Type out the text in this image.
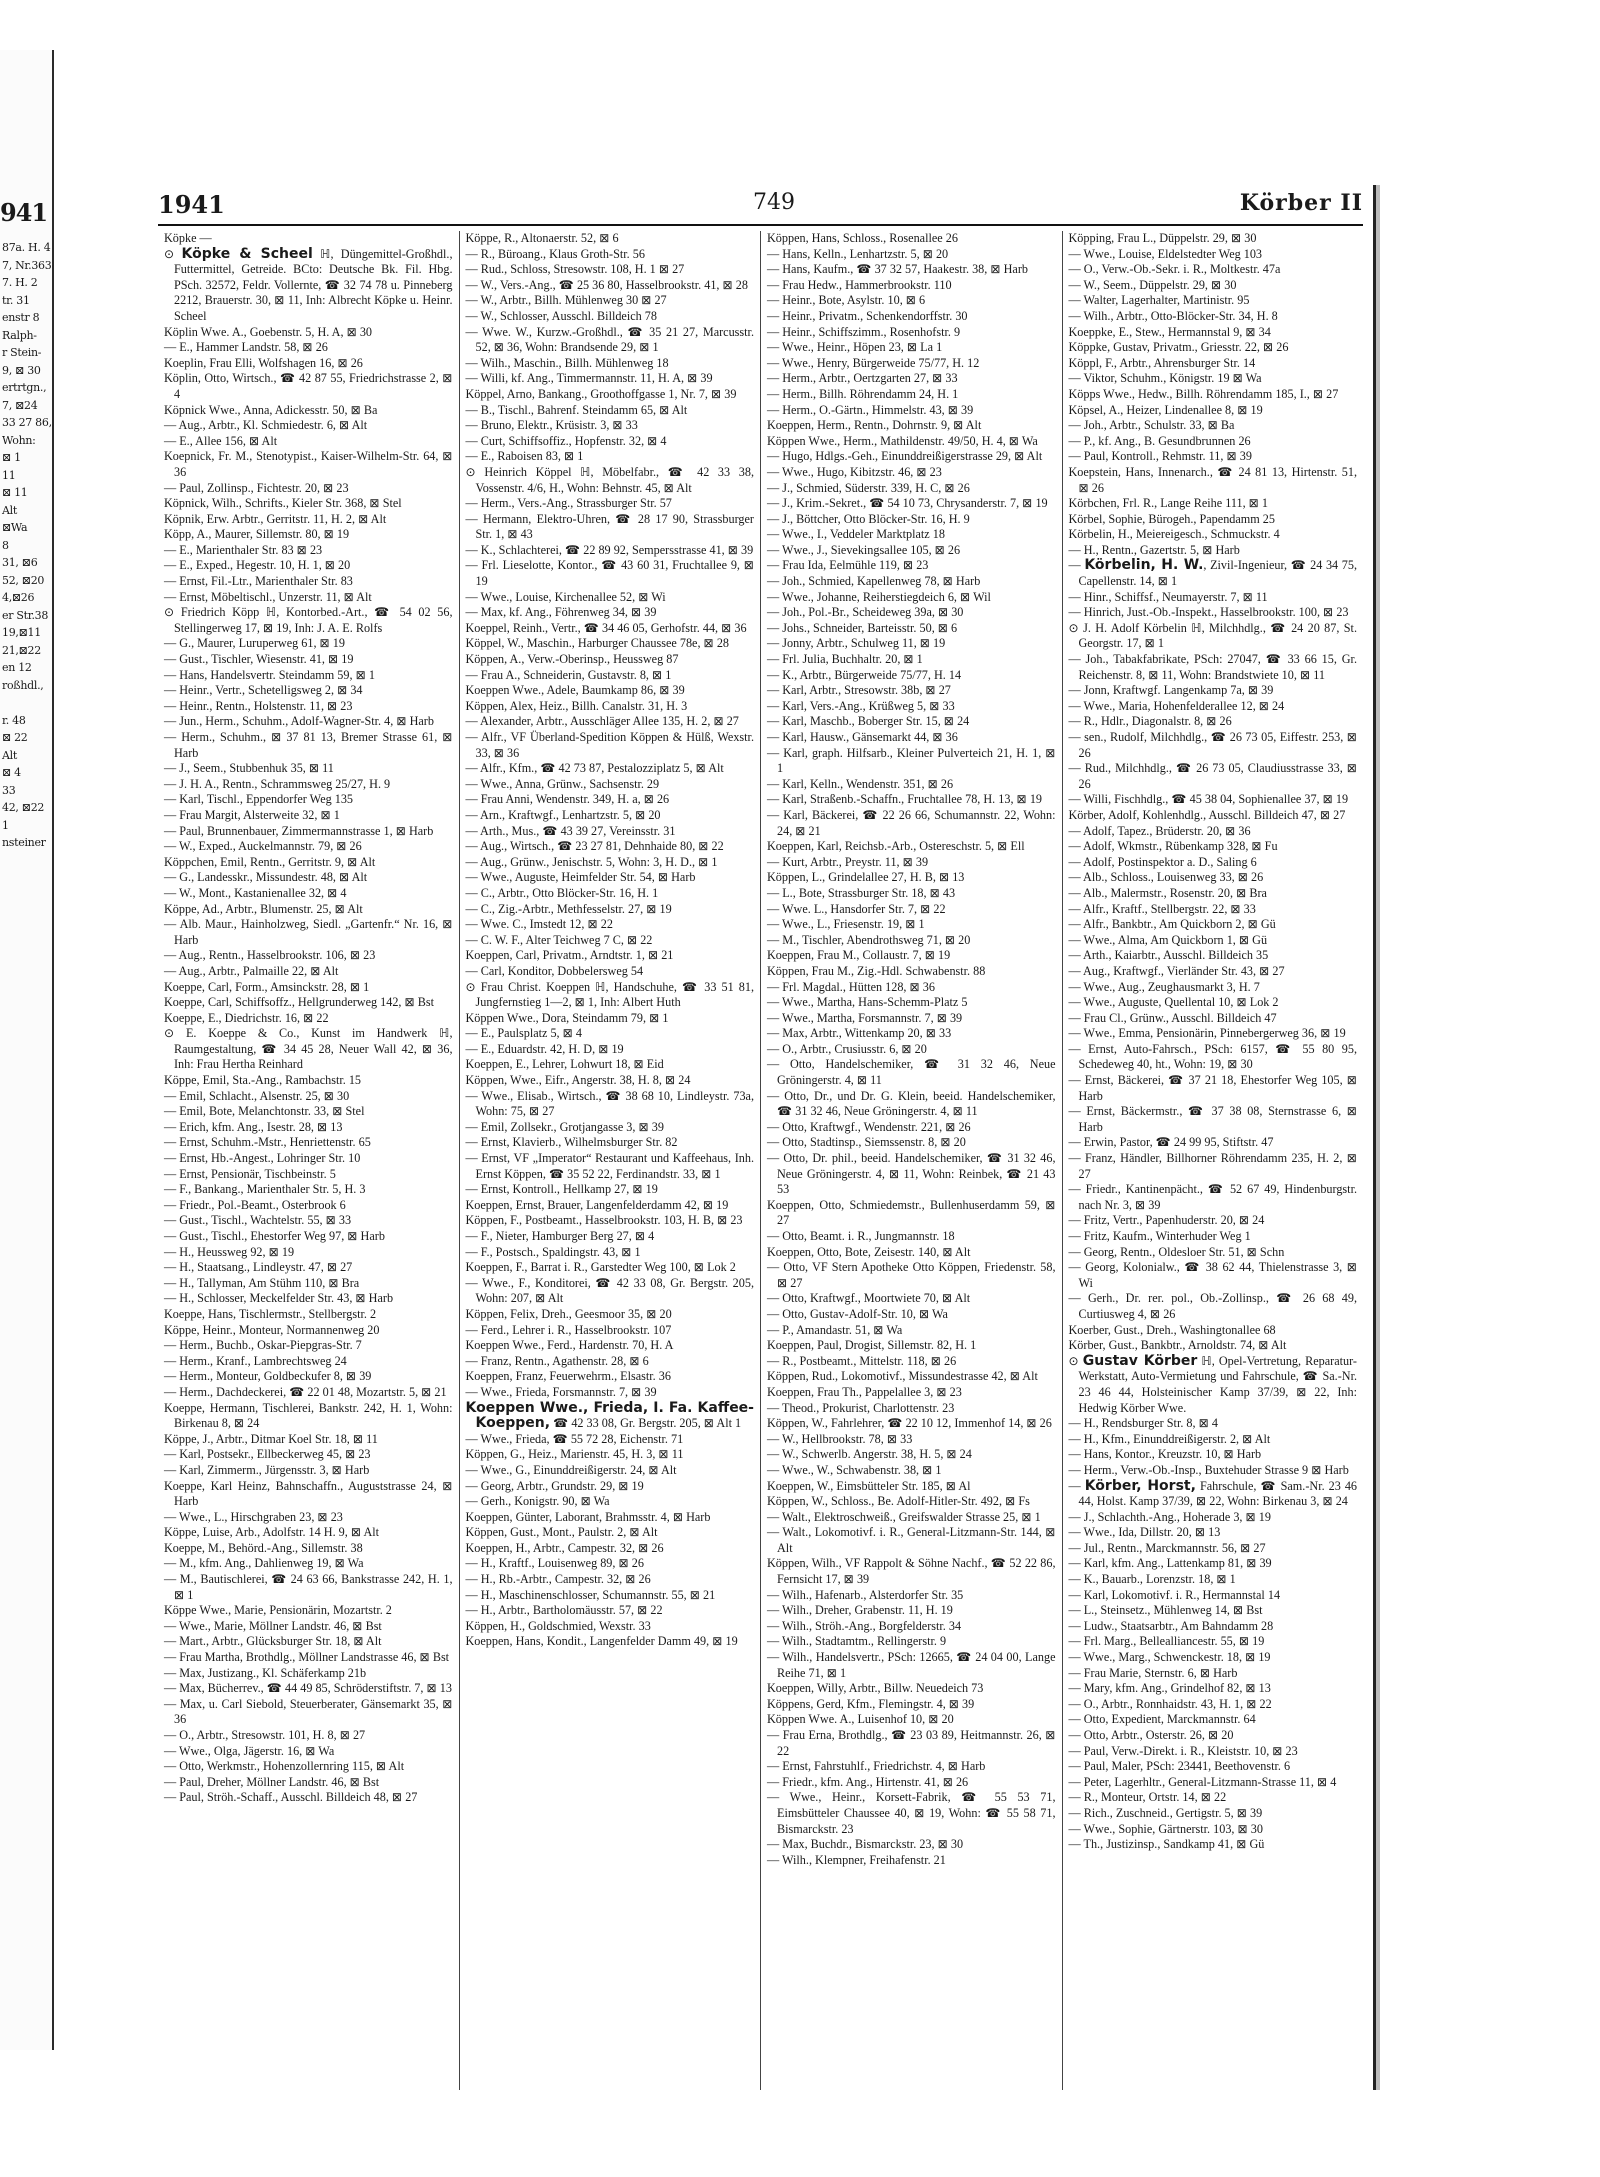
941
87a. H. 4
7, Nr.363
7. H. 2
tr. 31
enstr 8
Ralph-
r Stein-
9, ⊠ 30
ertrtgn.,
7, ⊠24
33 27 86,
Wohn:
⊠ 1
11
⊠ 11
Alt
⊠Wa
8
31, ⊠6
52, ⊠20
4,⊠26
er Str.38
19,⊠11
21,⊠22
en 12
roßhdl.,

r. 48
⊠ 22
Alt
⊠ 4
33
42, ⊠22
1
nsteiner
1941	749	Körber II

Köpke —

⊙ Köpke & Scheel ℍ, Düngemittel-Großhdl., Futtermittel, Getreide. BCto: Deutsche Bk. Fil. Hbg. PSch. 32572, Feldr. Vollernte, ☎ 32 74 78 u. Pinneberg 2212, Brauerstr. 30, ⊠ 11, Inh: Albrecht Köpke u. Heinr. Scheel

Köplin Wwe. A., Goebenstr. 5, H. A, ⊠ 30

— E., Hammer Landstr. 58, ⊠ 26

Koeplin, Frau Elli, Wolfshagen 16, ⊠ 26

Köplin, Otto, Wirtsch., ☎ 42 87 55, Friedrichstrasse 2, ⊠ 4

Köpnick Wwe., Anna, Adickesstr. 50, ⊠ Ba

— Aug., Arbtr., Kl. Schmiedestr. 6, ⊠ Alt

— E., Allee 156, ⊠ Alt

Koepnick, Fr. M., Stenotypist., Kaiser-Wilhelm-Str. 64, ⊠ 36

— Paul, Zollinsp., Fichtestr. 20, ⊠ 23

Köpnick, Wilh., Schrifts., Kieler Str. 368, ⊠ Stel

Köpnik, Erw. Arbtr., Gerritstr. 11, H. 2, ⊠ Alt

Köpp, A., Maurer, Sillemstr. 80, ⊠ 19

— E., Marienthaler Str. 83 ⊠ 23

— E., Exped., Hegestr. 10, H. 1, ⊠ 20

— Ernst, Fil.-Ltr., Marienthaler Str. 83

— Ernst, Möbeltischl., Unzerstr. 11, ⊠ Alt

⊙ Friedrich Köpp ℍ, Kontorbed.-Art., ☎ 54 02 56, Stellingerweg 17, ⊠ 19, Inh: J. A. E. Rolfs

— G., Maurer, Luruperweg 61, ⊠ 19

— Gust., Tischler, Wiesenstr. 41, ⊠ 19

— Hans, Handelsvertr. Steindamm 59, ⊠ 1

— Heinr., Vertr., Schetelligsweg 2, ⊠ 34

— Heinr., Rentn., Holstenstr. 11, ⊠ 23

— Jun., Herm., Schuhm., Adolf-Wagner-Str. 4, ⊠ Harb

— Herm., Schuhm., ⊠ 37 81 13, Bremer Strasse 61, ⊠ Harb

— J., Seem., Stubbenhuk 35, ⊠ 11

— J. H. A., Rentn., Schrammsweg 25/27, H. 9

— Karl, Tischl., Eppendorfer Weg 135

— Frau Margit, Alsterweite 32, ⊠ 1

— Paul, Brunnenbauer, Zimmermannstrasse 1, ⊠ Harb

— W., Exped., Auckelmannstr. 79, ⊠ 26

Köppchen, Emil, Rentn., Gerritstr. 9, ⊠ Alt

— G., Landesskr., Missundestr. 48, ⊠ Alt

— W., Mont., Kastanienallee 32, ⊠ 4

Köppe, Ad., Arbtr., Blumenstr. 25, ⊠ Alt

— Alb. Maur., Hainholzweg, Siedl. „Gartenfr.“ Nr. 16, ⊠ Harb

— Aug., Rentn., Hasselbrookstr. 106, ⊠ 23

— Aug., Arbtr., Palmaille 22, ⊠ Alt

Koeppe, Carl, Form., Amsinckstr. 28, ⊠ 1

Koeppe, Carl, Schiffsoffz., Hellgrunderweg 142, ⊠ Bst

Koeppe, E., Diedrichstr. 16, ⊠ 22

⊙ E. Koeppe & Co., Kunst im Handwerk ℍ, Raumgestaltung, ☎ 34 45 28, Neuer Wall 42, ⊠ 36, Inh: Frau Hertha Reinhard

Köppe, Emil, Sta.-Ang., Rambachstr. 15

— Emil, Schlacht., Alsenstr. 25, ⊠ 30

— Emil, Bote, Melanchtonstr. 33, ⊠ Stel

— Erich, kfm. Ang., Isestr. 28, ⊠ 13

— Ernst, Schuhm.-Mstr., Henriettenstr. 65

— Ernst, Hb.-Angest., Lohringer Str. 10

— Ernst, Pensionär, Tischbeinstr. 5

— F., Bankang., Marienthaler Str. 5, H. 3

— Friedr., Pol.-Beamt., Osterbrook 6

— Gust., Tischl., Wachtelstr. 55, ⊠ 33

— Gust., Tischl., Ehestorfer Weg 97, ⊠ Harb

— H., Heussweg 92, ⊠ 19

— H., Staatsang., Lindleystr. 47, ⊠ 27

— H., Tallyman, Am Stühm 110, ⊠ Bra

— H., Schlosser, Meckelfelder Str. 43, ⊠ Harb

Koeppe, Hans, Tischlermstr., Stellbergstr. 2

Köppe, Heinr., Monteur, Normannenweg 20

— Herm., Buchb., Oskar-Piepgras-Str. 7

— Herm., Kranf., Lambrechtsweg 24

— Herm., Monteur, Goldbeckufer 8, ⊠ 39

— Herm., Dachdeckerei, ☎ 22 01 48, Mozartstr. 5, ⊠ 21

Koeppe, Hermann, Tischlerei, Bankstr. 242, H. 1, Wohn: Birkenau 8, ⊠ 24

Köppe, J., Arbtr., Ditmar Koel Str. 18, ⊠ 11

— Karl, Postsekr., Ellbeckerweg 45, ⊠ 23

— Karl, Zimmerm., Jürgensstr. 3, ⊠ Harb

Koeppe, Karl Heinz, Bahnschaffn., Auguststrasse 24, ⊠ Harb

— Wwe., L., Hirschgraben 23, ⊠ 23

Köppe, Luise, Arb., Adolfstr. 14 H. 9, ⊠ Alt

Koeppe, M., Behörd.-Ang., Sillemstr. 38

— M., kfm. Ang., Dahlienweg 19, ⊠ Wa

— M., Bautischlerei, ☎ 24 63 66, Bankstrasse 242, H. 1, ⊠ 1

Köppe Wwe., Marie, Pensionärin, Mozartstr. 2

— Wwe., Marie, Möllner Landstr. 46, ⊠ Bst

— Mart., Arbtr., Glücksburger Str. 18, ⊠ Alt

— Frau Martha, Brothdlg., Möllner Landstrasse 46, ⊠ Bst

— Max, Justizang., Kl. Schäferkamp 21b

— Max, Bücherrev., ☎ 44 49 85, Schröderstiftstr. 7, ⊠ 13

— Max, u. Carl Siebold, Steuerberater, Gänsemarkt 35, ⊠ 36

— O., Arbtr., Stresowstr. 101, H. 8, ⊠ 27

— Wwe., Olga, Jägerstr. 16, ⊠ Wa

— Otto, Werkmstr., Hohenzollernring 115, ⊠ Alt

— Paul, Dreher, Möllner Landstr. 46, ⊠ Bst

— Paul, Ströh.-Schaff., Ausschl. Billdeich 48, ⊠ 27

Köppe, R., Altonaerstr. 52, ⊠ 6

— R., Büroang., Klaus Groth-Str. 56

— Rud., Schloss, Stresowstr. 108, H. 1 ⊠ 27

— W., Vers.-Ang., ☎ 25 36 80, Hasselbrookstr. 41, ⊠ 28

— W., Arbtr., Billh. Mühlenweg 30 ⊠ 27

— W., Schlosser, Ausschl. Billdeich 78

— Wwe. W., Kurzw.-Großhdl., ☎ 35 21 27, Marcusstr. 52, ⊠ 36, Wohn: Brandsende 29, ⊠ 1

— Wilh., Maschin., Billh. Mühlenweg 18

— Willi, kf. Ang., Timmermannstr. 11, H. A, ⊠ 39

Köppel, Arno, Bankang., Groothoffgasse 1, Nr. 7, ⊠ 39

— B., Tischl., Bahrenf. Steindamm 65, ⊠ Alt

— Bruno, Elektr., Krüsistr. 3, ⊠ 33

— Curt, Schiffsoffiz., Hopfenstr. 32, ⊠ 4

— E., Raboisen 83, ⊠ 1

⊙ Heinrich Köppel ℍ, Möbelfabr., ☎ 42 33 38, Vossenstr. 4/6, H., Wohn: Behnstr. 45, ⊠ Alt

— Herm., Vers.-Ang., Strassburger Str. 57

— Hermann, Elektro-Uhren, ☎ 28 17 90, Strassburger Str. 1, ⊠ 43

— K., Schlachterei, ☎ 22 89 92, Sempersstrasse 41, ⊠ 39

— Frl. Lieselotte, Kontor., ☎ 43 60 31, Fruchtallee 9, ⊠ 19

— Wwe., Louise, Kirchenallee 52, ⊠ Wi

— Max, kf. Ang., Föhrenweg 34, ⊠ 39

Koeppel, Reinh., Vertr., ☎ 34 46 05, Gerhofstr. 44, ⊠ 36

Köppel, W., Maschin., Harburger Chaussee 78e, ⊠ 28

Köppen, A., Verw.-Oberinsp., Heussweg 87

— Frau A., Schneiderin, Gustavstr. 8, ⊠ 1

Koeppen Wwe., Adele, Baumkamp 86, ⊠ 39

Köppen, Alex, Heiz., Billh. Canalstr. 31, H. 3

— Alexander, Arbtr., Ausschläger Allee 135, H. 2, ⊠ 27

— Alfr., VF Überland-Spedition Köppen & Hülß, Wexstr. 33, ⊠ 36

— Alfr., Kfm., ☎ 42 73 87, Pestalozziplatz 5, ⊠ Alt

— Wwe., Anna, Grünw., Sachsenstr. 29

— Frau Anni, Wendenstr. 349, H. a, ⊠ 26

— Arn., Kraftwgf., Lenhartzstr. 5, ⊠ 20

— Arth., Mus., ☎ 43 39 27, Vereinsstr. 31

— Aug., Wirtsch., ☎ 23 27 81, Dehnhaide 80, ⊠ 22

— Aug., Grünw., Jenischstr. 5, Wohn: 3, H. D., ⊠ 1

— Wwe., Auguste, Heimfelder Str. 54, ⊠ Harb

— C., Arbtr., Otto Blöcker-Str. 16, H. 1

— C., Zig.-Arbtr., Methfesselstr. 27, ⊠ 19

— Wwe. C., Imstedt 12, ⊠ 22

— C. W. F., Alter Teichweg 7 C, ⊠ 22

Koeppen, Carl, Privatm., Arndtstr. 1, ⊠ 21

— Carl, Konditor, Dobbelersweg 54

⊙ Frau Christ. Koeppen ℍ, Handschuhe, ☎ 33 51 81, Jungfernstieg 1—2, ⊠ 1, Inh: Albert Huth

Köppen Wwe., Dora, Steindamm 79, ⊠ 1

— E., Paulsplatz 5, ⊠ 4

— E., Eduardstr. 42, H. D, ⊠ 19

Koeppen, E., Lehrer, Lohwurt 18, ⊠ Eid

Köppen, Wwe., Eifr., Angerstr. 38, H. 8, ⊠ 24

— Wwe., Elisab., Wirtsch., ☎ 38 68 10, Lindleystr. 73a, Wohn: 75, ⊠ 27

— Emil, Zollsekr., Grotjangasse 3, ⊠ 39

— Ernst, Klavierb., Wilhelmsburger Str. 82

— Ernst, VF „Imperator“ Restaurant und Kaffeehaus, Inh. Ernst Köppen, ☎ 35 52 22, Ferdinandstr. 33, ⊠ 1

— Ernst, Kontroll., Hellkamp 27, ⊠ 19

Koeppen, Ernst, Brauer, Langenfelderdamm 42, ⊠ 19

Köppen, F., Postbeamt., Hasselbrookstr. 103, H. B, ⊠ 23

— F., Nieter, Hamburger Berg 27, ⊠ 4

— F., Postsch., Spaldingstr. 43, ⊠ 1

Koeppen, F., Barrat i. R., Garstedter Weg 100, ⊠ Lok 2

— Wwe., F., Konditorei, ☎ 42 33 08, Gr. Bergstr. 205, Wohn: 207, ⊠ Alt

Köppen, Felix, Dreh., Geesmoor 35, ⊠ 20

— Ferd., Lehrer i. R., Hasselbrookstr. 107

Koeppen Wwe., Ferd., Hardenstr. 70, H. A

— Franz, Rentn., Agathenstr. 28, ⊠ 6

Koeppen, Franz, Feuerwehrm., Elsastr. 36

— Wwe., Frieda, Forsmannstr. 7, ⊠ 39

Koeppen Wwe., Frieda, I. Fa. Kaffee-Koeppen, ☎ 42 33 08, Gr. Bergstr. 205, ⊠ Alt 1

— Wwe., Frieda, ☎ 55 72 28, Eichenstr. 71

Köppen, G., Heiz., Marienstr. 45, H. 3, ⊠ 11

— Wwe., G., Einunddreißigerstr. 24, ⊠ Alt

— Georg, Arbtr., Grundstr. 29, ⊠ 19

— Gerh., Konigstr. 90, ⊠ Wa

Koeppen, Günter, Laborant, Brahmsstr. 4, ⊠ Harb

Köppen, Gust., Mont., Paulstr. 2, ⊠ Alt

Koeppen, H., Arbtr., Campestr. 32, ⊠ 26

— H., Kraftf., Louisenweg 89, ⊠ 26

— H., Rb.-Arbtr., Campestr. 32, ⊠ 26

— H., Maschinenschlosser, Schumannstr. 55, ⊠ 21

— H., Arbtr., Bartholomäusstr. 57, ⊠ 22

Köppen, H., Goldschmied, Wexstr. 33

Koeppen, Hans, Kondit., Langenfelder Damm 49, ⊠ 19

Köppen, Hans, Schloss., Rosenallee 26

— Hans, Kelln., Lenhartzstr. 5, ⊠ 20

— Hans, Kaufm., ☎ 37 32 57, Haakestr. 38, ⊠ Harb

— Frau Hedw., Hammerbrookstr. 110

— Heinr., Bote, Asylstr. 10, ⊠ 6

— Heinr., Privatm., Schenkendorffstr. 30

— Heinr., Schiffszimm., Rosenhofstr. 9

— Wwe., Heinr., Höpen 23, ⊠ La 1

— Wwe., Henry, Bürgerweide 75/77, H. 12

— Herm., Arbtr., Oertzgarten 27, ⊠ 33

— Herm., Billh. Röhrendamm 24, H. 1

— Herm., O.-Gärtn., Himmelstr. 43, ⊠ 39

Koeppen, Herm., Rentn., Dohrnstr. 9, ⊠ Alt

Köppen Wwe., Herm., Mathildenstr. 49/50, H. 4, ⊠ Wa

— Hugo, Hdlgs.-Geh., Einunddreißigerstrasse 29, ⊠ Alt

— Wwe., Hugo, Kibitzstr. 46, ⊠ 23

— J., Schmied, Süderstr. 339, H. C, ⊠ 26

— J., Krim.-Sekret., ☎ 54 10 73, Chrysanderstr. 7, ⊠ 19

— J., Böttcher, Otto Blöcker-Str. 16, H. 9

— Wwe., I., Veddeler Marktplatz 18

— Wwe., J., Sievekingsallee 105, ⊠ 26

— Frau Ida, Eelmühle 119, ⊠ 23

— Joh., Schmied, Kapellenweg 78, ⊠ Harb

— Wwe., Johanne, Reiherstiegdeich 6, ⊠ Wil

— Joh., Pol.-Br., Scheideweg 39a, ⊠ 30

— Johs., Schneider, Barteisstr. 50, ⊠ 6

— Jonny, Arbtr., Schulweg 11, ⊠ 19

— Frl. Julia, Buchhaltr. 20, ⊠ 1

— K., Arbtr., Bürgerweide 75/77, H. 14

— Karl, Arbtr., Stresowstr. 38b, ⊠ 27

— Karl, Vers.-Ang., Krüßweg 5, ⊠ 33

— Karl, Maschb., Boberger Str. 15, ⊠ 24

— Karl, Hausw., Gänsemarkt 44, ⊠ 36

— Karl, graph. Hilfsarb., Kleiner Pulverteich 21, H. 1, ⊠ 1

— Karl, Kelln., Wendenstr. 351, ⊠ 26

— Karl, Straßenb.-Schaffn., Fruchtallee 78, H. 13, ⊠ 19

— Karl, Bäckerei, ☎ 22 26 66, Schumannstr. 22, Wohn: 24, ⊠ 21

Koeppen, Karl, Reichsb.-Arb., Ostereschstr. 5, ⊠ Ell

— Kurt, Arbtr., Preystr. 11, ⊠ 39

Köppen, L., Grindelallee 27, H. B, ⊠ 13

— L., Bote, Strassburger Str. 18, ⊠ 43

— Wwe. L., Hansdorfer Str. 7, ⊠ 22

— Wwe., L., Friesenstr. 19, ⊠ 1

— M., Tischler, Abendrothsweg 71, ⊠ 20

Koeppen, Frau M., Collaustr. 7, ⊠ 19

Köppen, Frau M., Zig.-Hdl. Schwabenstr. 88

— Frl. Magdal., Hütten 128, ⊠ 36

— Wwe., Martha, Hans-Schemm-Platz 5

— Wwe., Martha, Forsmannstr. 7, ⊠ 39

— Max, Arbtr., Wittenkamp 20, ⊠ 33

— O., Arbtr., Crusiusstr. 6, ⊠ 20

— Otto, Handelschemiker, ☎ 31 32 46, Neue Gröningerstr. 4, ⊠ 11

— Otto, Dr., und Dr. G. Klein, beeid. Handelschemiker, ☎ 31 32 46, Neue Gröningerstr. 4, ⊠ 11

— Otto, Kraftwgf., Wendenstr. 221, ⊠ 26

— Otto, Stadtinsp., Siemssenstr. 8, ⊠ 20

— Otto, Dr. phil., beeid. Handelschemiker, ☎ 31 32 46, Neue Gröningerstr. 4, ⊠ 11, Wohn: Reinbek, ☎ 21 43 53

Koeppen, Otto, Schmiedemstr., Bullenhuserdamm 59, ⊠ 27

— Otto, Beamt. i. R., Jungmannstr. 18

Koeppen, Otto, Bote, Zeisestr. 140, ⊠ Alt

— Otto, VF Stern Apotheke Otto Köppen, Friedenstr. 58, ⊠ 27

— Otto, Kraftwgf., Moortwiete 70, ⊠ Alt

— Otto, Gustav-Adolf-Str. 10, ⊠ Wa

— P., Amandastr. 51, ⊠ Wa

Koeppen, Paul, Drogist, Sillemstr. 82, H. 1

— R., Postbeamt., Mittelstr. 118, ⊠ 26

Köppen, Rud., Lokomotivf., Missundestrasse 42, ⊠ Alt

Koeppen, Frau Th., Pappelallee 3, ⊠ 23

— Theod., Prokurist, Charlottenstr. 23

Köppen, W., Fahrlehrer, ☎ 22 10 12, Immenhof 14, ⊠ 26

— W., Hellbrookstr. 78, ⊠ 33

— W., Schwerlb. Angerstr. 38, H. 5, ⊠ 24

— Wwe., W., Schwabenstr. 38, ⊠ 1

Koeppen, W., Eimsbütteler Str. 185, ⊠ Al

Köppen, W., Schloss., Be. Adolf-Hitler-Str. 492, ⊠ Fs

— Walt., Elektroschweiß., Greifswalder Strasse 25, ⊠ 1

— Walt., Lokomotivf. i. R., General-Litzmann-Str. 144, ⊠ Alt

Köppen, Wilh., VF Rappolt & Söhne Nachf., ☎ 52 22 86, Fernsicht 17, ⊠ 39

— Wilh., Hafenarb., Alsterdorfer Str. 35

— Wilh., Dreher, Grabenstr. 11, H. 19

— Wilh., Ströh.-Ang., Borgfelderstr. 34

— Wilh., Stadtamtm., Rellingerstr. 9

— Wilh., Handelsvertr., PSch: 12665, ☎ 24 04 00, Lange Reihe 71, ⊠ 1

Koeppen, Willy, Arbtr., Billw. Neuedeich 73

Köppens, Gerd, Kfm., Flemingstr. 4, ⊠ 39

Köppen Wwe. A., Luisenhof 10, ⊠ 20

— Frau Erna, Brothdlg., ☎ 23 03 89, Heitmannstr. 26, ⊠ 22

— Ernst, Fahrstuhlf., Friedrichstr. 4, ⊠ Harb

— Friedr., kfm. Ang., Hirtenstr. 41, ⊠ 26

— Wwe., Heinr., Korsett-Fabrik, ☎ 55 53 71, Eimsbütteler Chaussee 40, ⊠ 19, Wohn: ☎ 55 58 71, Bismarckstr. 23

— Max, Buchdr., Bismarckstr. 23, ⊠ 30

— Wilh., Klempner, Freihafenstr. 21

Köpping, Frau L., Düppelstr. 29, ⊠ 30

— Wwe., Louise, Eldelstedter Weg 103

— O., Verw.-Ob.-Sekr. i. R., Moltkestr. 47a

— W., Seem., Düppelstr. 29, ⊠ 30

— Walter, Lagerhalter, Martinistr. 95

— Wilh., Arbtr., Otto-Blöcker-Str. 34, H. 8

Koeppke, E., Stew., Hermannstal 9, ⊠ 34

Köppke, Gustav, Privatm., Griesstr. 22, ⊠ 26

Köppl, F., Arbtr., Ahrensburger Str. 14

— Viktor, Schuhm., Königstr. 19 ⊠ Wa

Köpps Wwe., Hedw., Billh. Röhrendamm 185, I., ⊠ 27

Köpsel, A., Heizer, Lindenallee 8, ⊠ 19

— Joh., Arbtr., Schulstr. 33, ⊠ Ba

— P., kf. Ang., B. Gesundbrunnen 26

— Paul, Kontroll., Rehmstr. 11, ⊠ 39

Koepstein, Hans, Innenarch., ☎ 24 81 13, Hirtenstr. 51, ⊠ 26

Körbchen, Frl. R., Lange Reihe 111, ⊠ 1

Körbel, Sophie, Bürogeh., Papendamm 25

Körbelin, H., Meiereigesch., Schmuckstr. 4

— H., Rentn., Gazertstr. 5, ⊠ Harb

— Körbelin, H. W., Zivil-Ingenieur, ☎ 24 34 75, Capellenstr. 14, ⊠ 1

— Hinr., Schiffsf., Neumayerstr. 7, ⊠ 11

— Hinrich, Just.-Ob.-Inspekt., Hasselbrookstr. 100, ⊠ 23

⊙ J. H. Adolf Körbelin ℍ, Milchhdlg., ☎ 24 20 87, St. Georgstr. 17, ⊠ 1

— Joh., Tabakfabrikate, PSch: 27047, ☎ 33 66 15, Gr. Reichenstr. 8, ⊠ 11, Wohn: Brandstwiete 10, ⊠ 11

— Jonn, Kraftwgf. Langenkamp 7a, ⊠ 39

— Wwe., Maria, Hohenfelderallee 12, ⊠ 24

— R., Hdlr., Diagonalstr. 8, ⊠ 26

— sen., Rudolf, Milchhdlg., ☎ 26 73 05, Eiffestr. 253, ⊠ 26

— Rud., Milchhdlg., ☎ 26 73 05, Claudiusstrasse 33, ⊠ 26

— Willi, Fischhdlg., ☎ 45 38 04, Sophienallee 37, ⊠ 19

Körber, Adolf, Kohlenhdlg., Ausschl. Billdeich 47, ⊠ 27

— Adolf, Tapez., Brüderstr. 20, ⊠ 36

— Adolf, Wkmstr., Rübenkamp 328, ⊠ Fu

— Adolf, Postinspektor a. D., Saling 6

— Alb., Schloss., Louisenweg 33, ⊠ 26

— Alb., Malermstr., Rosenstr. 20, ⊠ Bra

— Alfr., Kraftf., Stellbergstr. 22, ⊠ 33

— Alfr., Bankbtr., Am Quickborn 2, ⊠ Gü

— Wwe., Alma, Am Quickborn 1, ⊠ Gü

— Arth., Kaiarbtr., Ausschl. Billdeich 35

— Aug., Kraftwgf., Vierländer Str. 43, ⊠ 27

— Wwe., Aug., Zeughausmarkt 3, H. 7

— Wwe., Auguste, Quellental 10, ⊠ Lok 2

— Frau Cl., Grünw., Ausschl. Billdeich 47

— Wwe., Emma, Pensionärin, Pinnebergerweg 36, ⊠ 19

— Ernst, Auto-Fahrsch., PSch: 6157, ☎ 55 80 95, Schedeweg 40, ht., Wohn: 19, ⊠ 30

— Ernst, Bäckerei, ☎ 37 21 18, Ehestorfer Weg 105, ⊠ Harb

— Ernst, Bäckermstr., ☎ 37 38 08, Sternstrasse 6, ⊠ Harb

— Erwin, Pastor, ☎ 24 99 95, Stiftstr. 47

— Franz, Händler, Billhorner Röhrendamm 235, H. 2, ⊠ 27

— Friedr., Kantinenpächt., ☎ 52 67 49, Hindenburgstr. nach Nr. 3, ⊠ 39

— Fritz, Vertr., Papenhuderstr. 20, ⊠ 24

— Fritz, Kaufm., Winterhuder Weg 1

— Georg, Rentn., Oldesloer Str. 51, ⊠ Schn

— Georg, Kolonialw., ☎ 38 62 44, Thielenstrasse 3, ⊠ Wi

— Gerh., Dr. rer. pol., Ob.-Zollinsp., ☎ 26 68 49, Curtiusweg 4, ⊠ 26

Koerber, Gust., Dreh., Washingtonallee 68

Körber, Gust., Bankbtr., Arnoldstr. 74, ⊠ Alt

⊙ Gustav Körber ℍ, Opel-Vertretung, Reparatur-Werkstatt, Auto-Vermietung und Fahrschule, ☎ Sa.-Nr. 23 46 44, Holsteinischer Kamp 37/39, ⊠ 22, Inh: Hedwig Körber Wwe.

— H., Rendsburger Str. 8, ⊠ 4

— H., Kfm., Einunddreißigerstr. 2, ⊠ Alt

— Hans, Kontor., Kreuzstr. 10, ⊠ Harb

— Herm., Verw.-Ob.-Insp., Buxtehuder Strasse 9 ⊠ Harb

— Körber, Horst, Fahrschule, ☎ Sam.-Nr. 23 46 44, Holst. Kamp 37/39, ⊠ 22, Wohn: Birkenau 3, ⊠ 24

— J., Schlachth.-Ang., Hoherade 3, ⊠ 19

— Wwe., Ida, Dillstr. 20, ⊠ 13

— Jul., Rentn., Marckmannstr. 56, ⊠ 27

— Karl, kfm. Ang., Lattenkamp 81, ⊠ 39

— K., Bauarb., Lorenzstr. 18, ⊠ 1

— Karl, Lokomotivf. i. R., Hermannstal 14

— L., Steinsetz., Mühlenweg 14, ⊠ Bst

— Ludw., Staatsarbtr., Am Bahndamm 28

— Frl. Marg., Bellealliancestr. 55, ⊠ 19

— Wwe., Marg., Schwenckestr. 18, ⊠ 19

— Frau Marie, Sternstr. 6, ⊠ Harb

— Mary, kfm. Ang., Grindelhof 82, ⊠ 13

— O., Arbtr., Ronnhaidstr. 43, H. 1, ⊠ 22

— Otto, Expedient, Marckmannstr. 64

— Otto, Arbtr., Osterstr. 26, ⊠ 20

— Paul, Verw.-Direkt. i. R., Kleiststr. 10, ⊠ 23

— Paul, Maler, PSch: 23441, Beethovenstr. 6

— Peter, Lagerhltr., General-Litzmann-Strasse 11, ⊠ 4

— R., Monteur, Ortstr. 14, ⊠ 22

— Rich., Zuschneid., Gertigstr. 5, ⊠ 39

— Wwe., Sophie, Gärtnerstr. 103, ⊠ 30

— Th., Justizinsp., Sandkamp 41, ⊠ Gü
